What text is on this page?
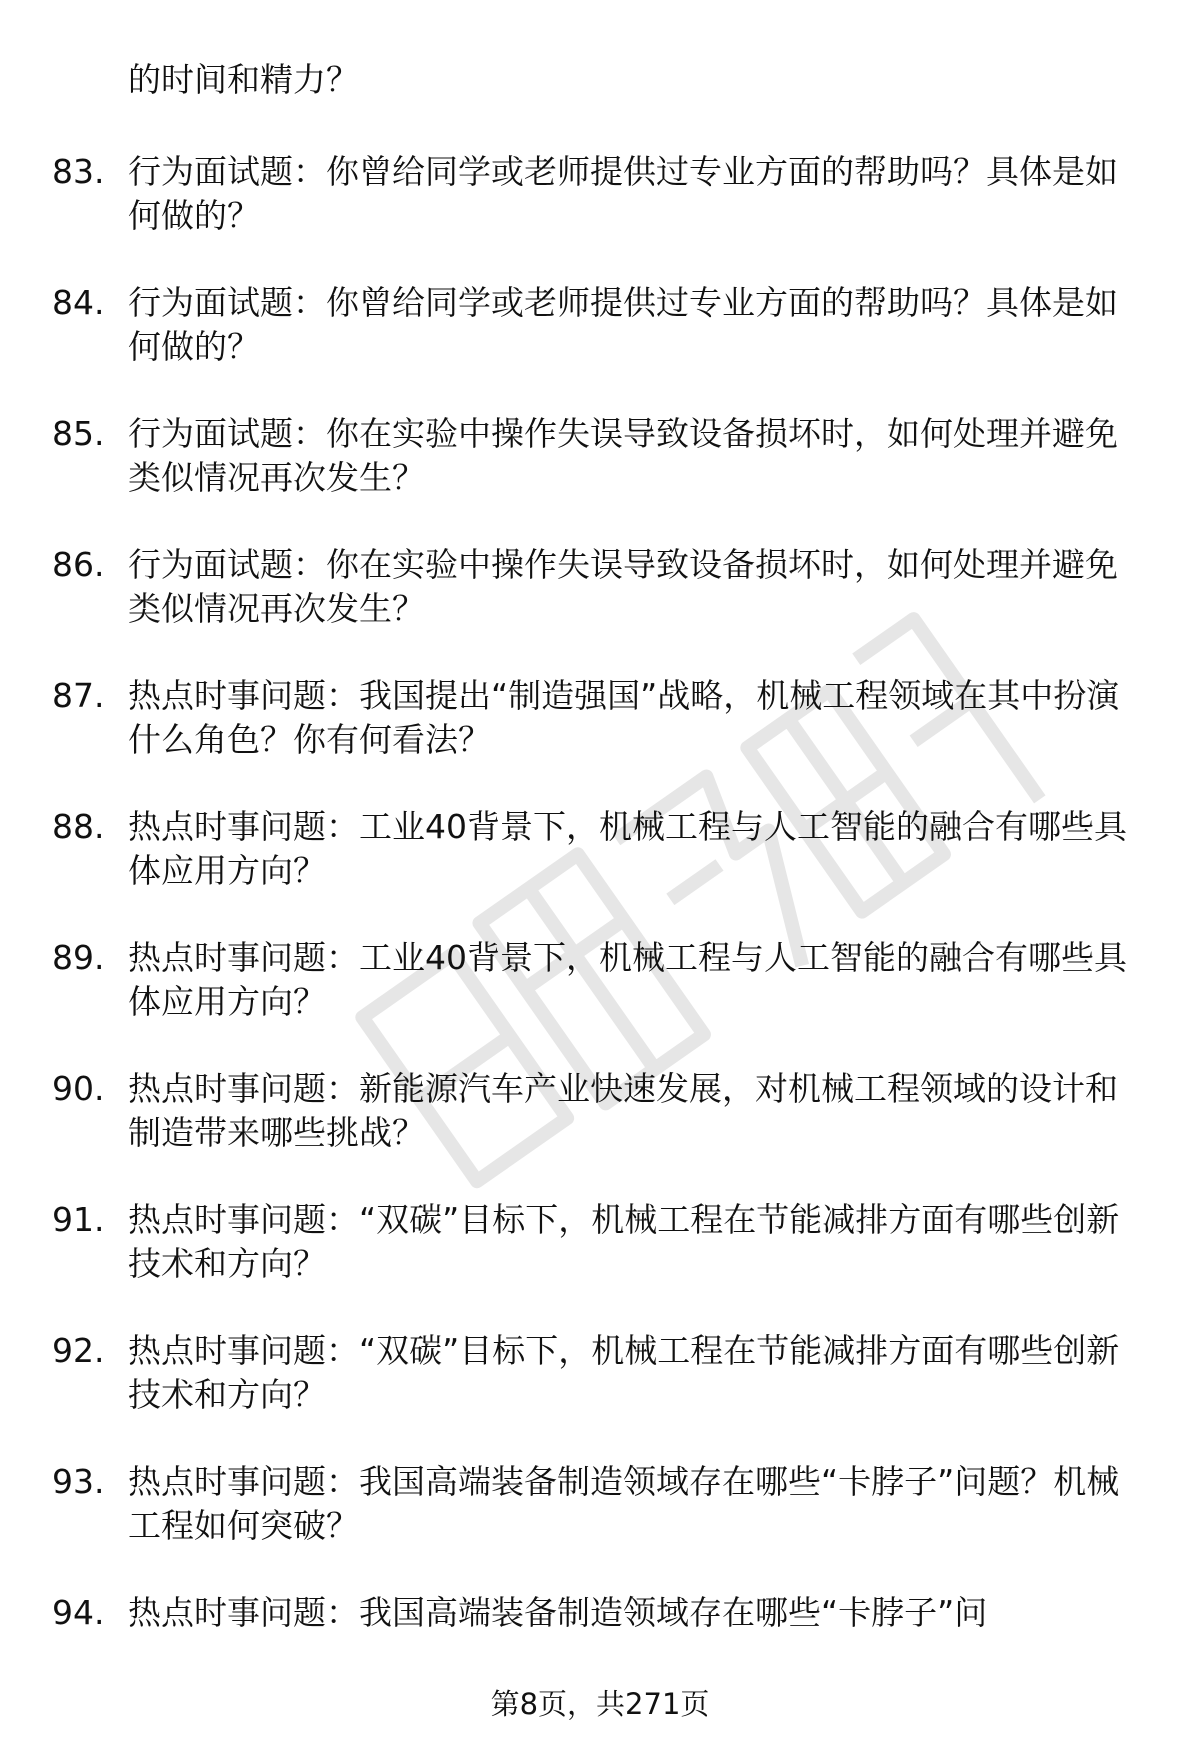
的时间和精力？

83. 行为面试题：你曾给同学或老师提供过专业方面的帮助吗？具体是如何做的？
84. 行为面试题：你曾给同学或老师提供过专业方面的帮助吗？具体是如何做的？
85. 行为面试题：你在实验中操作失误导致设备损坏时，如何处理并避免类似情况再次发生？
86. 行为面试题：你在实验中操作失误导致设备损坏时，如何处理并避免类似情况再次发生？
87. 热点时事问题：我国提出“制造强国”战略，机械工程领域在其中扮演什么角色？你有何看法？
88. 热点时事问题：工业40背景下，机械工程与人工智能的融合有哪些具体应用方向？
89. 热点时事问题：工业40背景下，机械工程与人工智能的融合有哪些具体应用方向？
90. 热点时事问题：新能源汽车产业快速发展，对机械工程领域的设计和制造带来哪些挑战？
91. 热点时事问题：“双碳”目标下，机械工程在节能减排方面有哪些创新技术和方向？
92. 热点时事问题：“双碳”目标下，机械工程在节能减排方面有哪些创新技术和方向？
93. 热点时事问题：我国高端装备制造领域存在哪些“卡脖子”问题？机械工程如何突破？
94. 热点时事问题：我国高端装备制造领域存在哪些“卡脖子”问
第8页，共271页
